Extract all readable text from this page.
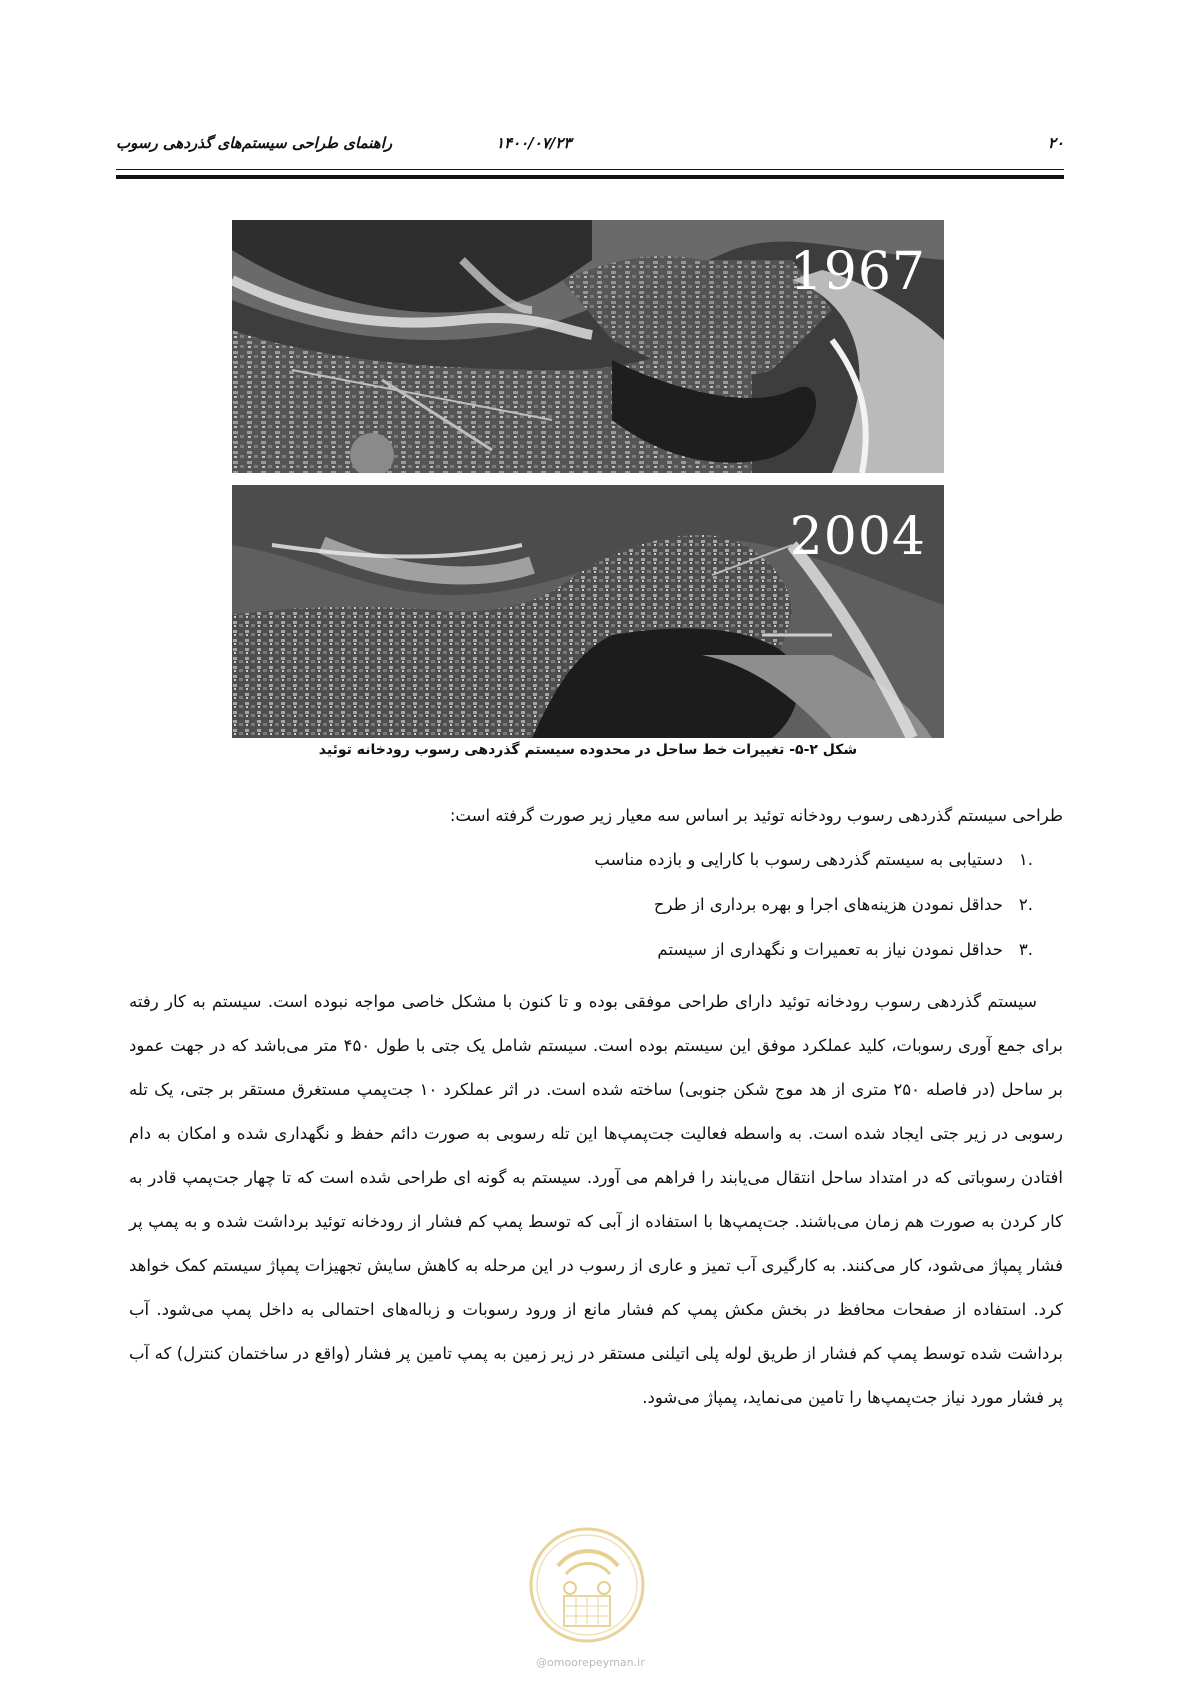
۲۰
۱۴۰۰/۰۷/۲۳
راهنمای طراحی سیستم‌های گذردهی رسوب
1967
2004
شکل ۲-۵- تغییرات خط ساحل در محدوده سیستم گذردهی رسوب رودخانه توئید
طراحی سیستم گذردهی رسوب رودخانه توئید بر اساس سه معیار زیر صورت گرفته است:
.۱
دستیابی به سیستم گذردهی رسوب با کارایی و بازده مناسب
.۲
حداقل نمودن هزینه‌های اجرا و بهره برداری از طرح
.۳
حداقل نمودن نیاز به تعمیرات و نگهداری از سیستم
سیستم گذردهی رسوب رودخانه توئید دارای طراحی موفقی بوده و تا کنون با مشکل خاصی مواجه نبوده است. سیستم به کار رفته برای جمع آوری رسوبات، کلید عملکرد موفق این سیستم بوده است. سیستم شامل یک جتی با طول ۴۵۰ متر می‌باشد که در جهت عمود بر ساحل (در فاصله ۲۵۰ متری از هد موج شکن جنوبی) ساخته شده است. در اثر عملکرد ۱۰ جت‌پمپ مستغرق مستقر بر جتی، یک تله رسوبی در زیر جتی ایجاد شده است. به واسطه فعالیت جت‌پمپ‌ها این تله رسوبی به صورت دائم حفظ و نگهداری شده و امکان به دام افتادن رسوباتی که در امتداد ساحل انتقال می‌یابند را فراهم می آورد. سیستم به گونه ای طراحی شده است که تا چهار جت‌پمپ قادر به کار کردن به صورت هم زمان می‌باشند. جت‌پمپ‌ها با استفاده از آبی که توسط پمپ کم فشار از رودخانه توئید برداشت شده و به پمپ پر فشار پمپاژ می‌شود، کار می‌کنند. به کارگیری آب تمیز و عاری از رسوب در این مرحله به کاهش سایش تجهیزات پمپاژ سیستم کمک خواهد کرد. استفاده از صفحات محافظ در بخش مکش پمپ کم فشار مانع از ورود رسوبات و زباله‌های احتمالی به داخل پمپ می‌شود. آب برداشت شده توسط پمپ کم فشار از طریق لوله پلی اتیلنی مستقر در زیر زمین به پمپ تامین پر فشار (واقع در ساختمان کنترل) که آب پر فشار مورد نیاز جت‌پمپ‌ها را تامین می‌نماید، پمپاژ می‌شود.
@omoorepeyman.ir
